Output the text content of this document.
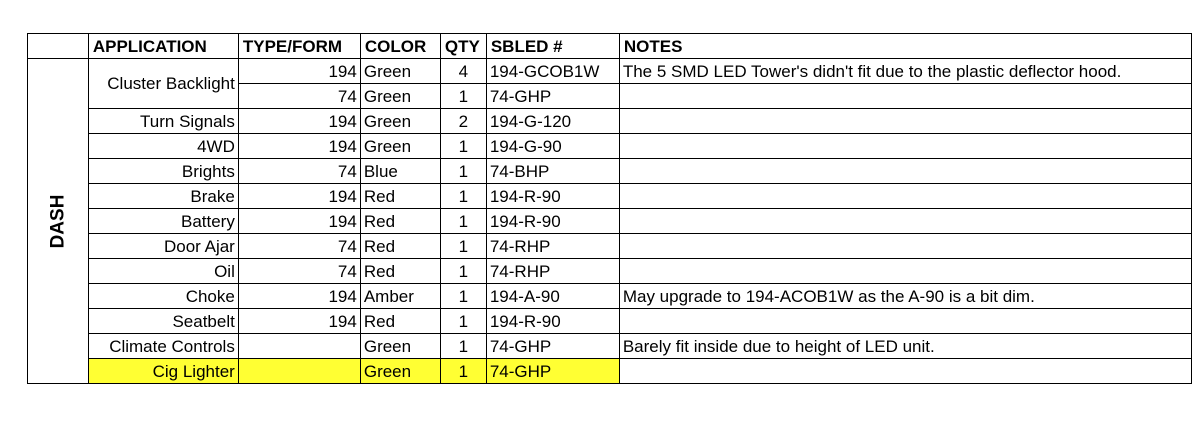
	APPLICATION	TYPE/FORM	COLOR	QTY	SBLED #	NOTES
DASH	Cluster Backlight	194	Green	4	194-GCOB1W	The 5 SMD LED Tower's didn't fit due to the plastic deflector hood.
		74	Green	1	74-GHP	
	Turn Signals	194	Green	2	194-G-120	
	4WD	194	Green	1	194-G-90	
	Brights	74	Blue	1	74-BHP	
	Brake	194	Red	1	194-R-90	
	Battery	194	Red	1	194-R-90	
	Door Ajar	74	Red	1	74-RHP	
	Oil	74	Red	1	74-RHP	
	Choke	194	Amber	1	194-A-90	May upgrade to 194-ACOB1W as the A-90 is a bit dim.
	Seatbelt	194	Red	1	194-R-90	
	Climate Controls		Green	1	74-GHP	Barely fit inside due to height of LED unit.
	Cig Lighter		Green	1	74-GHP	
